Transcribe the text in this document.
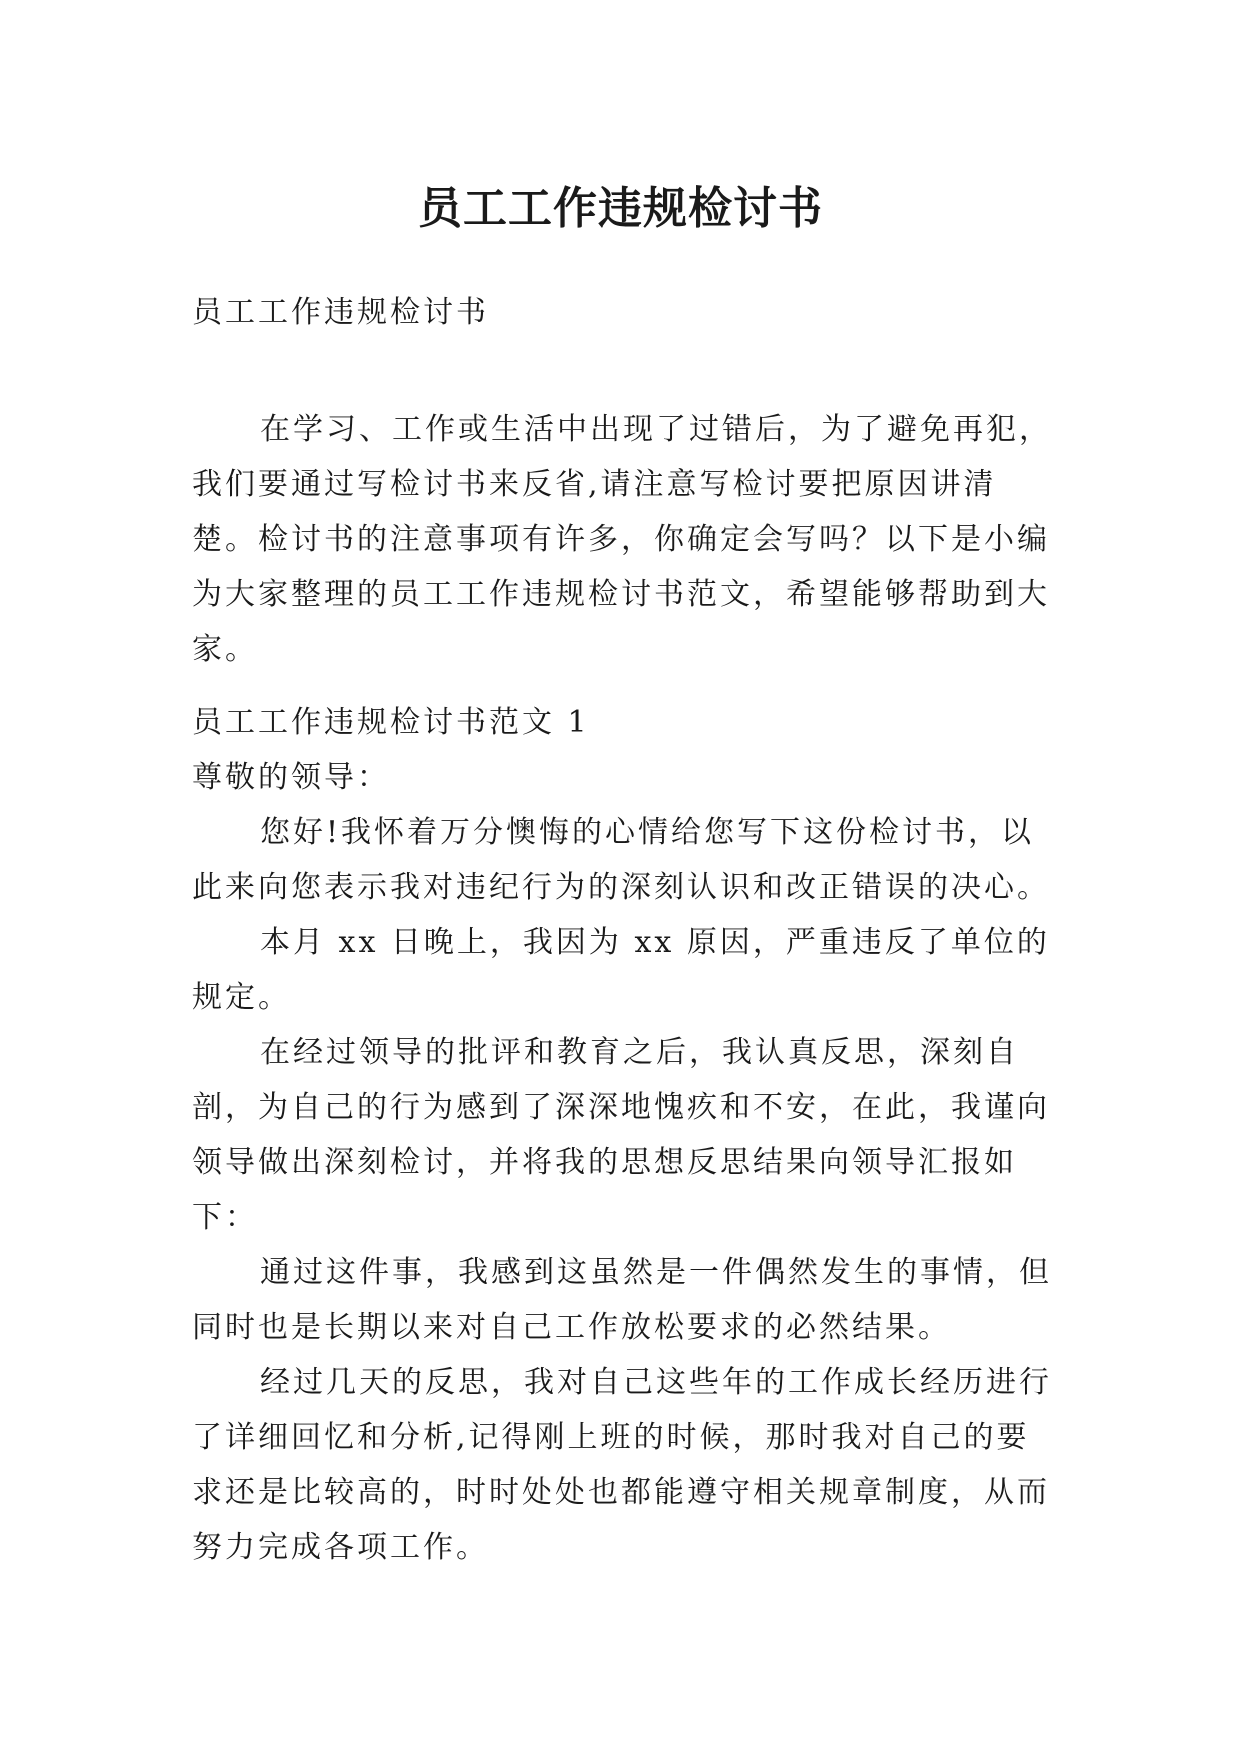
员工工作违规检讨书
员工工作违规检讨书

在学习、工作或生活中出现了过错后，为了避免再犯，我们要通过写检讨书来反省,请注意写检讨要把原因讲清楚。检讨书的注意事项有许多，你确定会写吗？以下是小编为大家整理的员工工作违规检讨书范文，希望能够帮助到大家。

员工工作违规检讨书范文 1

尊敬的领导：

您好!我怀着万分懊悔的心情给您写下这份检讨书，以此来向您表示我对违纪行为的深刻认识和改正错误的决心。

本月 xx 日晚上，我因为 xx 原因，严重违反了单位的规定。

在经过领导的批评和教育之后，我认真反思，深刻自剖，为自己的行为感到了深深地愧疚和不安，在此，我谨向领导做出深刻检讨，并将我的思想反思结果向领导汇报如下：

通过这件事，我感到这虽然是一件偶然发生的事情，但同时也是长期以来对自己工作放松要求的必然结果。

经过几天的反思，我对自己这些年的工作成长经历进行了详细回忆和分析,记得刚上班的时候，那时我对自己的要求还是比较高的，时时处处也都能遵守相关规章制度，从而努力完成各项工作。
